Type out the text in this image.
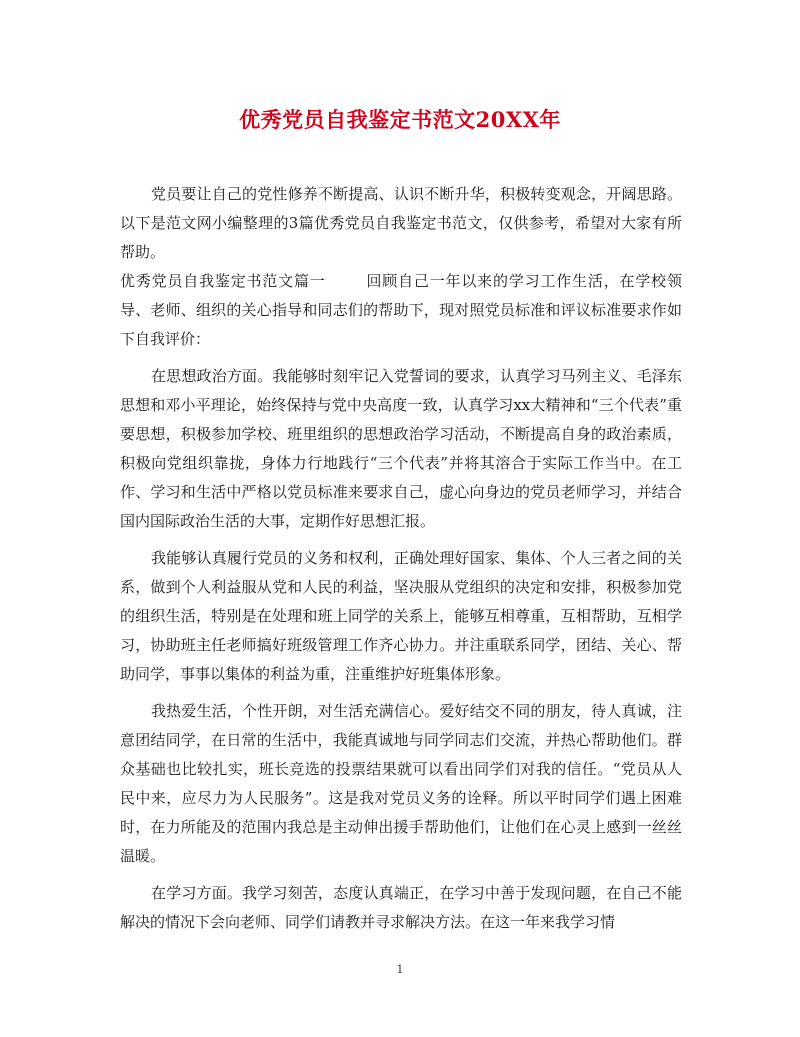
优秀党员自我鉴定书范文20XX年

党员要让自己的党性修养不断提高、认识不断升华，积极转变观念，开阔思路。以下是范文网小编整理的3篇优秀党员自我鉴定书范文，仅供参考，希望对大家有所帮助。

优秀党员自我鉴定书范文篇一	回顾自己一年以来的学习工作生活，在学校领导、老师、组织的关心指导和同志们的帮助下，现对照党员标准和评议标准要求作如下自我评价：

在思想政治方面。我能够时刻牢记入党誓词的要求，认真学习马列主义、毛泽东思想和邓小平理论，始终保持与党中央高度一致，认真学习xx大精神和“三个代表”重要思想，积极参加学校、班里组织的思想政治学习活动，不断提高自身的政治素质，积极向党组织靠拢，身体力行地践行“三个代表”并将其溶合于实际工作当中。在工作、学习和生活中严格以党员标准来要求自己，虚心向身边的党员老师学习，并结合国内国际政治生活的大事，定期作好思想汇报。

我能够认真履行党员的义务和权利，正确处理好国家、集体、个人三者之间的关系，做到个人利益服从党和人民的利益，坚决服从党组织的决定和安排，积极参加党的组织生活，特别是在处理和班上同学的关系上，能够互相尊重，互相帮助，互相学习，协助班主任老师搞好班级管理工作齐心协力。并注重联系同学，团结、关心、帮助同学，事事以集体的利益为重，注重维护好班集体形象。

我热爱生活，个性开朗，对生活充满信心。爱好结交不同的朋友，待人真诚，注意团结同学，在日常的生活中，我能真诚地与同学同志们交流，并热心帮助他们。群众基础也比较扎实，班长竞选的投票结果就可以看出同学们对我的信任。“党员从人民中来，应尽力为人民服务”。这是我对党员义务的诠释。所以平时同学们遇上困难时，在力所能及的范围内我总是主动伸出援手帮助他们，让他们在心灵上感到一丝丝温暖。

在学习方面。我学习刻苦，态度认真端正，在学习中善于发现问题，在自己不能解决的情况下会向老师、同学们请教并寻求解决方法。在这一年来我学习情

1
